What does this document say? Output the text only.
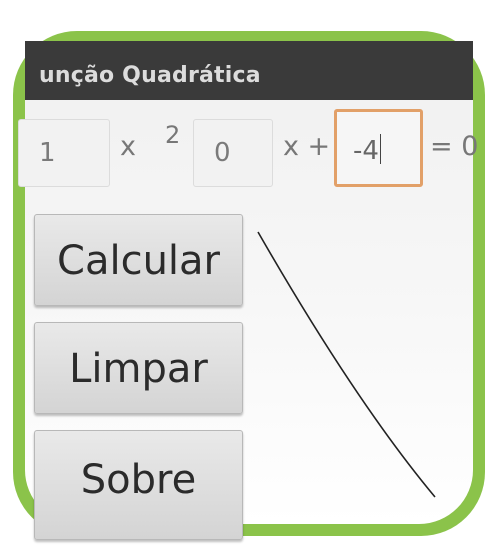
unção Quadrática
1	x 2
0	x + -4	= 0
Calcular
Limpar
Sobre
